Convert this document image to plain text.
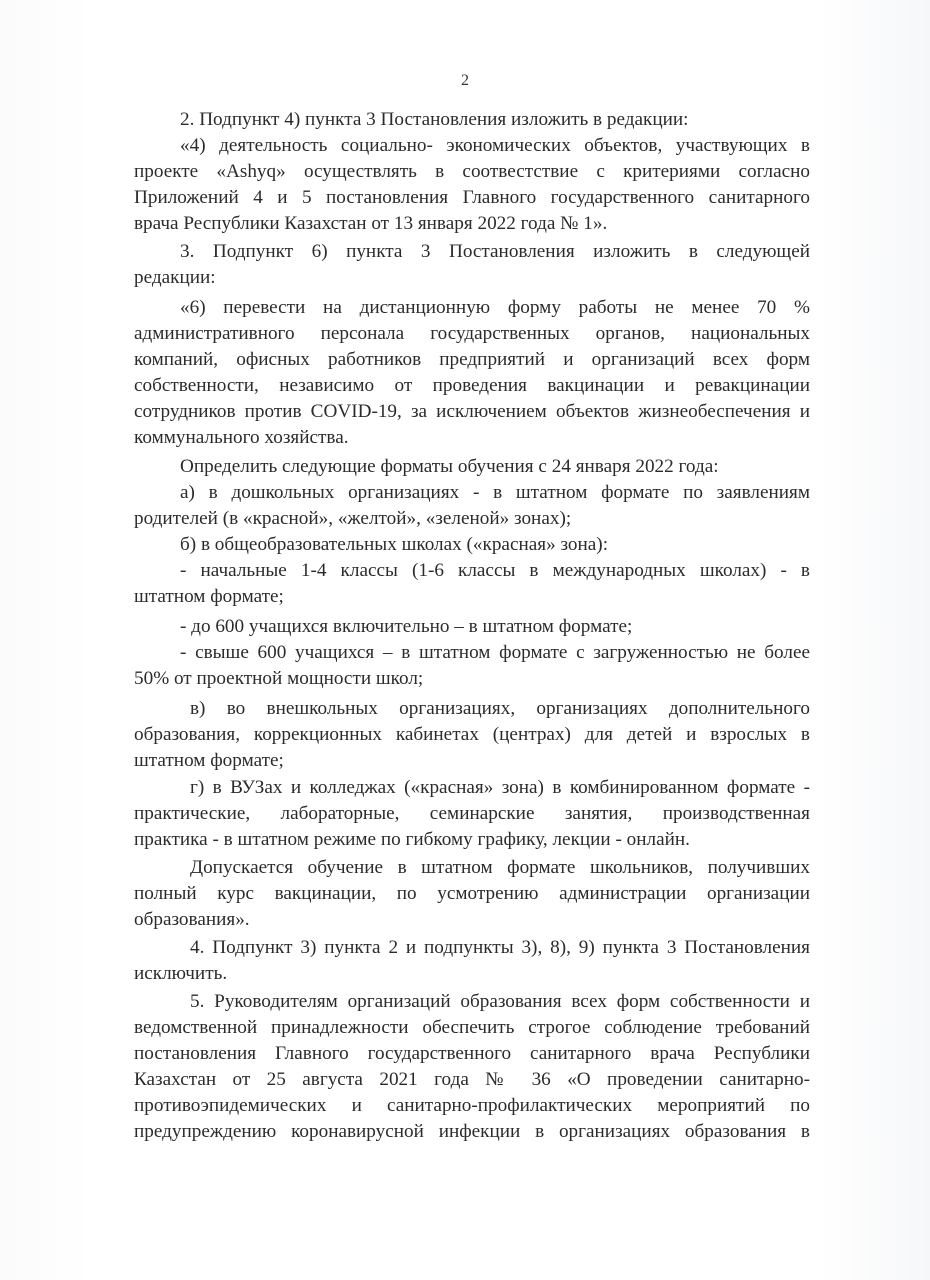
2
2. Подпункт 4) пункта 3 Постановления изложить в редакции:
«4) деятельность социально- экономических объектов, участвующих в
проекте «Ashyq» осуществлять в соотвестствие с критериями согласно
Приложений 4 и 5 постановления Главного государственного санитарного
врача Республики Казахстан от 13 января 2022 года № 1».
3. Подпункт 6) пункта 3 Постановления изложить в следующей
редакции:
«6) перевести на дистанционную форму работы не менее 70 %
административного персонала государственных органов, национальных
компаний, офисных работников предприятий и организаций всех форм
собственности, независимо от проведения вакцинации и ревакцинации
сотрудников против COVID-19, за исключением объектов жизнеобеспечения и
коммунального хозяйства.
Определить следующие форматы обучения с 24 января 2022 года:
а) в дошкольных организациях - в штатном формате по заявлениям
родителей (в «красной», «желтой», «зеленой» зонах);
б) в общеобразовательных школах («красная» зона):
- начальные 1-4 классы (1-6 классы в международных школах) - в
штатном формате;
- до 600 учащихся включительно – в штатном формате;
- свыше 600 учащихся – в штатном формате с загруженностью не более
50% от проектной мощности школ;
в) во внешкольных организациях, организациях дополнительного
образования, коррекционных кабинетах (центрах) для детей и взрослых в
штатном формате;
г) в ВУЗах и колледжах («красная» зона) в комбинированном формате -
практические, лабораторные, семинарские занятия, производственная
практика - в штатном режиме по гибкому графику, лекции - онлайн.
Допускается обучение в штатном формате школьников, получивших
полный курс вакцинации, по усмотрению администрации организации
образования».
4. Подпункт 3) пункта 2 и подпункты 3), 8), 9) пункта 3 Постановления
исключить.
5. Руководителям организаций образования всех форм собственности и
ведомственной принадлежности обеспечить строгое соблюдение требований
постановления Главного государственного санитарного врача Республики
Казахстан от 25 августа 2021 года № 36 «О проведении санитарно-
противоэпидемических и санитарно-профилактических мероприятий по
предупреждению коронавирусной инфекции в организациях образования в
